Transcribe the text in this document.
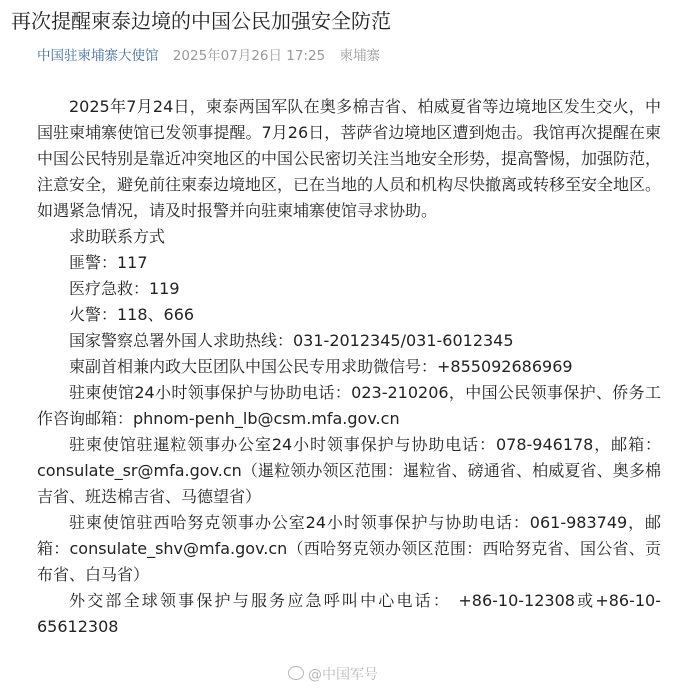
再次提醒柬泰边境的中国公民加强安全防范
中国驻柬埔寨大使馆 2025年07月26日 17:25 柬埔寨

2025年7月24日，柬泰两国军队在奥多棉吉省、柏威夏省等边境地区发生交火，中国驻柬埔寨使馆已发领事提醒。7月26日，菩萨省边境地区遭到炮击。我馆再次提醒在柬中国公民特别是靠近冲突地区的中国公民密切关注当地安全形势，提高警惕，加强防范，注意安全，避免前往柬泰边境地区，已在当地的人员和机构尽快撤离或转移至安全地区。如遇紧急情况，请及时报警并向驻柬埔寨使馆寻求协助。

求助联系方式

匪警：117

医疗急救：119

火警：118、666

国家警察总署外国人求助热线：031-2012345/031-6012345

柬副首相兼内政大臣团队中国公民专用求助微信号：+855092686969

驻柬使馆24小时领事保护与协助电话：023-210206，中国公民领事保护、侨务工作咨询邮箱：phnom-penh_lb@csm.mfa.gov.cn

驻柬使馆驻暹粒领事办公室24小时领事保护与协助电话：078-946178，邮箱：consulate_sr@mfa.gov.cn（暹粒领办领区范围：暹粒省、磅通省、柏威夏省、奥多棉吉省、班迭棉吉省、马德望省）

驻柬使馆驻西哈努克领事办公室24小时领事保护与协助电话：061-983749，邮箱：consulate_shv@mfa.gov.cn（西哈努克领办领区范围：西哈努克省、国公省、贡布省、白马省）

外交部全球领事保护与服务应急呼叫中心电话： +86-10-12308或+86-10-65612308

@中国军号
